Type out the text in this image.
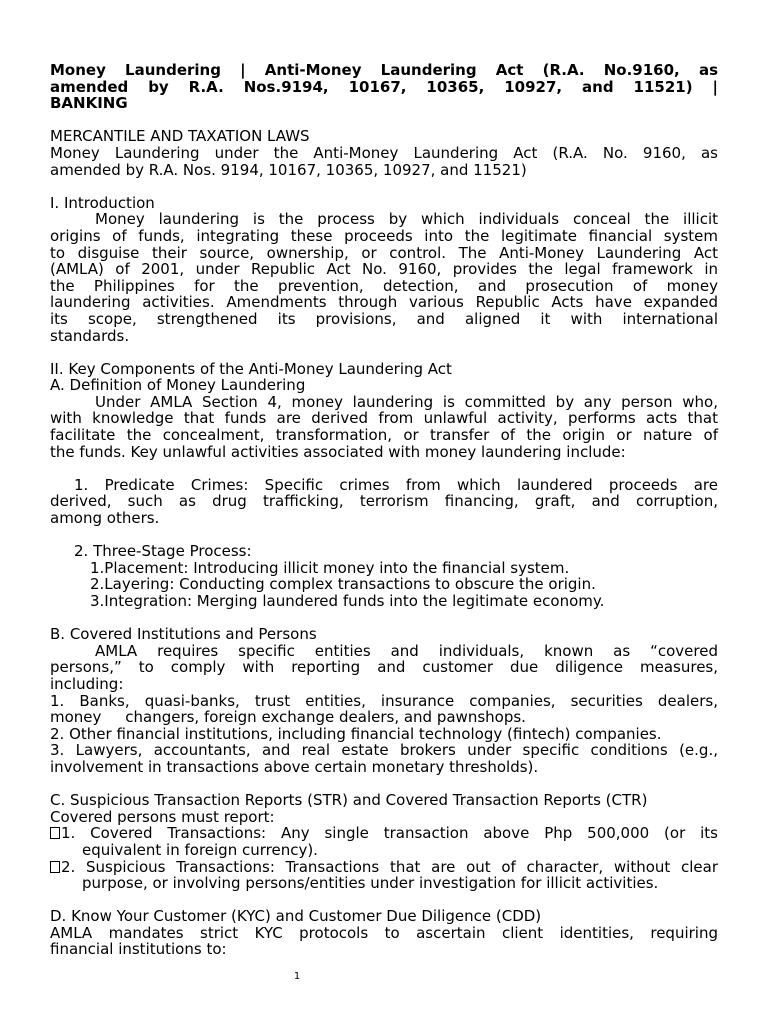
Money Laundering | Anti-Money Laundering Act (R.A. No.9160, as

amended by R.A. Nos.9194, 10167, 10365, 10927, and 11521) |

BANKING

MERCANTILE AND TAXATION LAWS

Money Laundering under the Anti-Money Laundering Act (R.A. No. 9160, as

amended by R.A. Nos. 9194, 10167, 10365, 10927, and 11521)

I. Introduction

Money laundering is the process by which individuals conceal the illicit

origins of funds, integrating these proceeds into the legitimate financial system

to disguise their source, ownership, or control. The Anti-Money Laundering Act

(AMLA) of 2001, under Republic Act No. 9160, provides the legal framework in

the Philippines for the prevention, detection, and prosecution of money

laundering activities. Amendments through various Republic Acts have expanded

its scope, strengthened its provisions, and aligned it with international

standards.

II. Key Components of the Anti-Money Laundering Act

A. Definition of Money Laundering

Under AMLA Section 4, money laundering is committed by any person who,

with knowledge that funds are derived from unlawful activity, performs acts that

facilitate the concealment, transformation, or transfer of the origin or nature of

the funds. Key unlawful activities associated with money laundering include:

1. Predicate Crimes: Specific crimes from which laundered proceeds are

derived, such as drug trafficking, terrorism financing, graft, and corruption,

among others.

2. Three-Stage Process:

1.Placement: Introducing illicit money into the financial system.

2.Layering: Conducting complex transactions to obscure the origin.

3.Integration: Merging laundered funds into the legitimate economy.

B. Covered Institutions and Persons

AMLA requires specific entities and individuals, known as “covered

persons,” to comply with reporting and customer due diligence measures,

including:

1. Banks, quasi-banks, trust entities, insurance companies, securities dealers,

money     changers, foreign exchange dealers, and pawnshops.

2. Other financial institutions, including financial technology (fintech) companies.

3. Lawyers, accountants, and real estate brokers under specific conditions (e.g.,

involvement in transactions above certain monetary thresholds).

C. Suspicious Transaction Reports (STR) and Covered Transaction Reports (CTR)

Covered persons must report:

1. Covered Transactions: Any single transaction above Php 500,000 (or its

equivalent in foreign currency).

2. Suspicious Transactions: Transactions that are out of character, without clear

purpose, or involving persons/entities under investigation for illicit activities.

D. Know Your Customer (KYC) and Customer Due Diligence (CDD)

AMLA mandates strict KYC protocols to ascertain client identities, requiring

financial institutions to:

1
